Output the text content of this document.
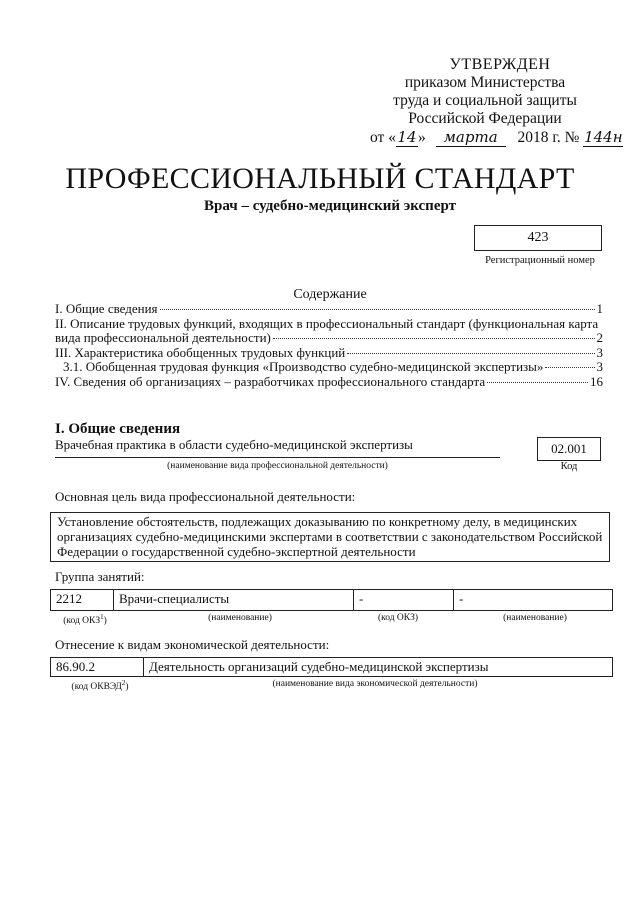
УТВЕРЖДЕН
приказом Министерства
труда и социальной защиты
Российской Федерации
от «14» марта 2018 г. № 144н
ПРОФЕССИОНАЛЬНЫЙ СТАНДАРТ
Врач – судебно-медицинский эксперт
423
Регистрационный номер
Содержание
I. Общие сведения	1
II. Описание трудовых функций, входящих в профессиональный стандарт (функциональная карта
вида профессиональной деятельности)	2
III. Характеристика обобщенных трудовых функций	3
3.1. Обобщенная трудовая функция «Производство судебно-медицинской экспертизы»	3
IV. Сведения об организациях – разработчиках профессионального стандарта	16
I. Общие сведения
Врачебная практика в области судебно-медицинской экспертизы	02.001
(наименование вида профессиональной деятельности)	Код
Основная цель вида профессиональной деятельности:
Установление обстоятельств, подлежащих доказыванию по конкретному делу, в медицинских организациях судебно-медицинскими экспертами в соответствии с законодательством Российской Федерации о государственной судебно-экспертной деятельности
Группа занятий:
2212	Врачи-специалисты	-	-
(код ОКЗ$^1$)	(наименование)	(код ОКЗ)	(наименование)
Отнесение к видам экономической деятельности:
86.90.2	Деятельность организаций судебно-медицинской экспертизы
(код ОКВЭД$^2$)	(наименование вида экономической деятельности)
